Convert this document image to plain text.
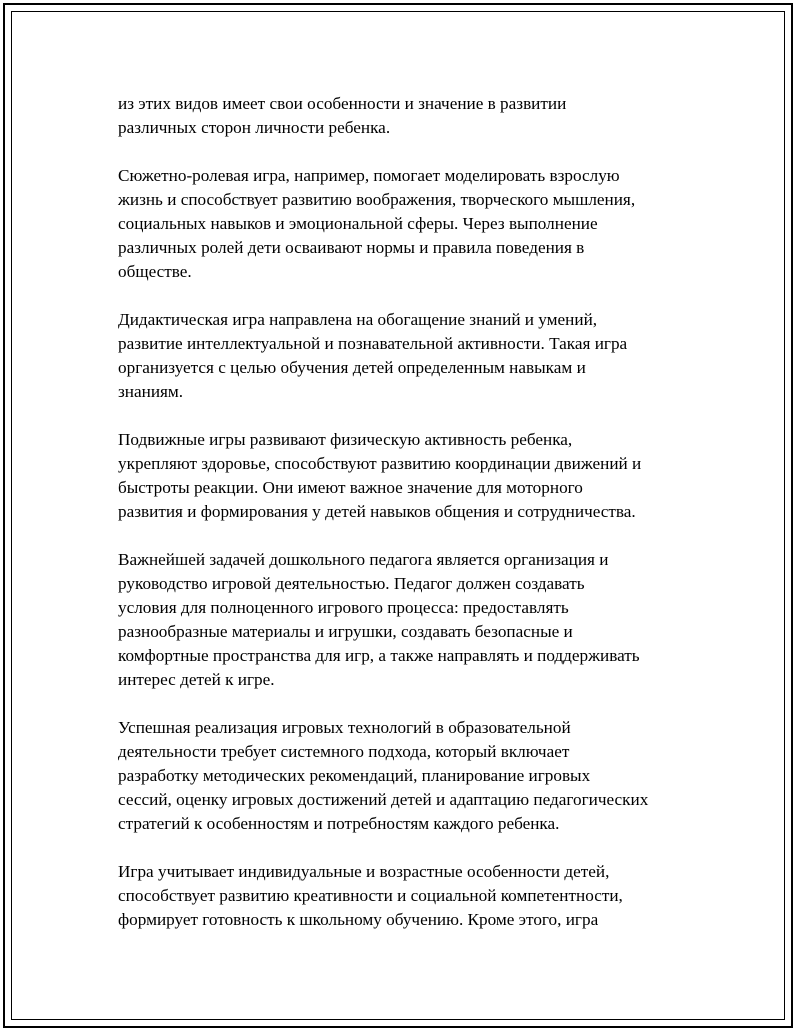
из этих видов имеет свои особенности и значение в развитии
различных сторон личности ребенка.

Сюжетно-ролевая игра, например, помогает моделировать взрослую
жизнь и способствует развитию воображения, творческого мышления,
социальных навыков и эмоциональной сферы. Через выполнение
различных ролей дети осваивают нормы и правила поведения в
обществе.

Дидактическая игра направлена на обогащение знаний и умений,
развитие интеллектуальной и познавательной активности. Такая игра
организуется с целью обучения детей определенным навыкам и
знаниям.

Подвижные игры развивают физическую активность ребенка,
укрепляют здоровье, способствуют развитию координации движений и
быстроты реакции. Они имеют важное значение для моторного
развития и формирования у детей навыков общения и сотрудничества.

Важнейшей задачей дошкольного педагога является организация и
руководство игровой деятельностью. Педагог должен создавать
условия для полноценного игрового процесса: предоставлять
разнообразные материалы и игрушки, создавать безопасные и
комфортные пространства для игр, а также направлять и поддерживать
интерес детей к игре.

Успешная реализация игровых технологий в образовательной
деятельности требует системного подхода, который включает
разработку методических рекомендаций, планирование игровых
сессий, оценку игровых достижений детей и адаптацию педагогических
стратегий к особенностям и потребностям каждого ребенка.

Игра учитывает индивидуальные и возрастные особенности детей,
способствует развитию креативности и социальной компетентности,
формирует готовность к школьному обучению. Кроме этого, игра
